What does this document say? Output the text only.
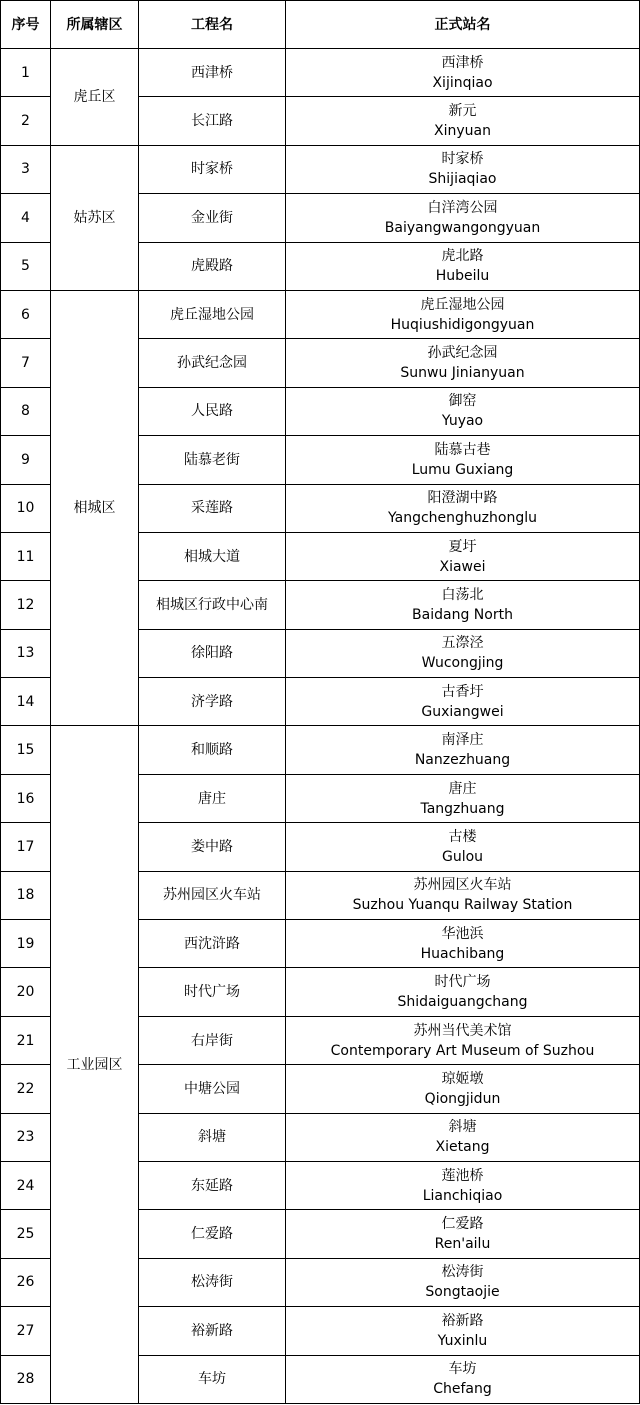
序号	所属辖区	工程名	正式站名
1	虎丘区	西津桥	西津桥
Xijinqiao

2		长江路	新元
Xinyuan

3	姑苏区	时家桥	时家桥
Shijiaqiao

4		金业街	白洋湾公园
Baiyangwangongyuan

5		虎殿路	虎北路
Hubeilu

6	相城区	虎丘湿地公园	虎丘湿地公园
Huqiushidigongyuan

7		孙武纪念园	孙武纪念园
Sunwu Jinianyuan

8		人民路	御窑
Yuyao

9		陆慕老街	陆慕古巷
Lumu Guxiang

10		采莲路	阳澄湖中路
Yangchenghuzhonglu

11		相城大道	夏圩
Xiawei

12		相城区行政中心南	白荡北
Baidang North

13		徐阳路	五漈泾
Wucongjing

14		济学路	古香圩
Guxiangwei

15	工业园区	和顺路	南泽庄
Nanzezhuang

16		唐庄	唐庄
Tangzhuang

17		娄中路	古楼
Gulou

18		苏州园区火车站	苏州园区火车站
Suzhou Yuanqu Railway Station

19		西沈浒路	华池浜
Huachibang

20		时代广场	时代广场
Shidaiguangchang

21		右岸街	苏州当代美术馆
Contemporary Art Museum of Suzhou

22		中塘公园	琼姬墩
Qiongjidun

23		斜塘	斜塘
Xietang

24		东延路	莲池桥
Lianchiqiao

25		仁爱路	仁爱路
Ren'ailu

26		松涛街	松涛街
Songtaojie

27		裕新路	裕新路
Yuxinlu

28		车坊	车坊
Chefang
